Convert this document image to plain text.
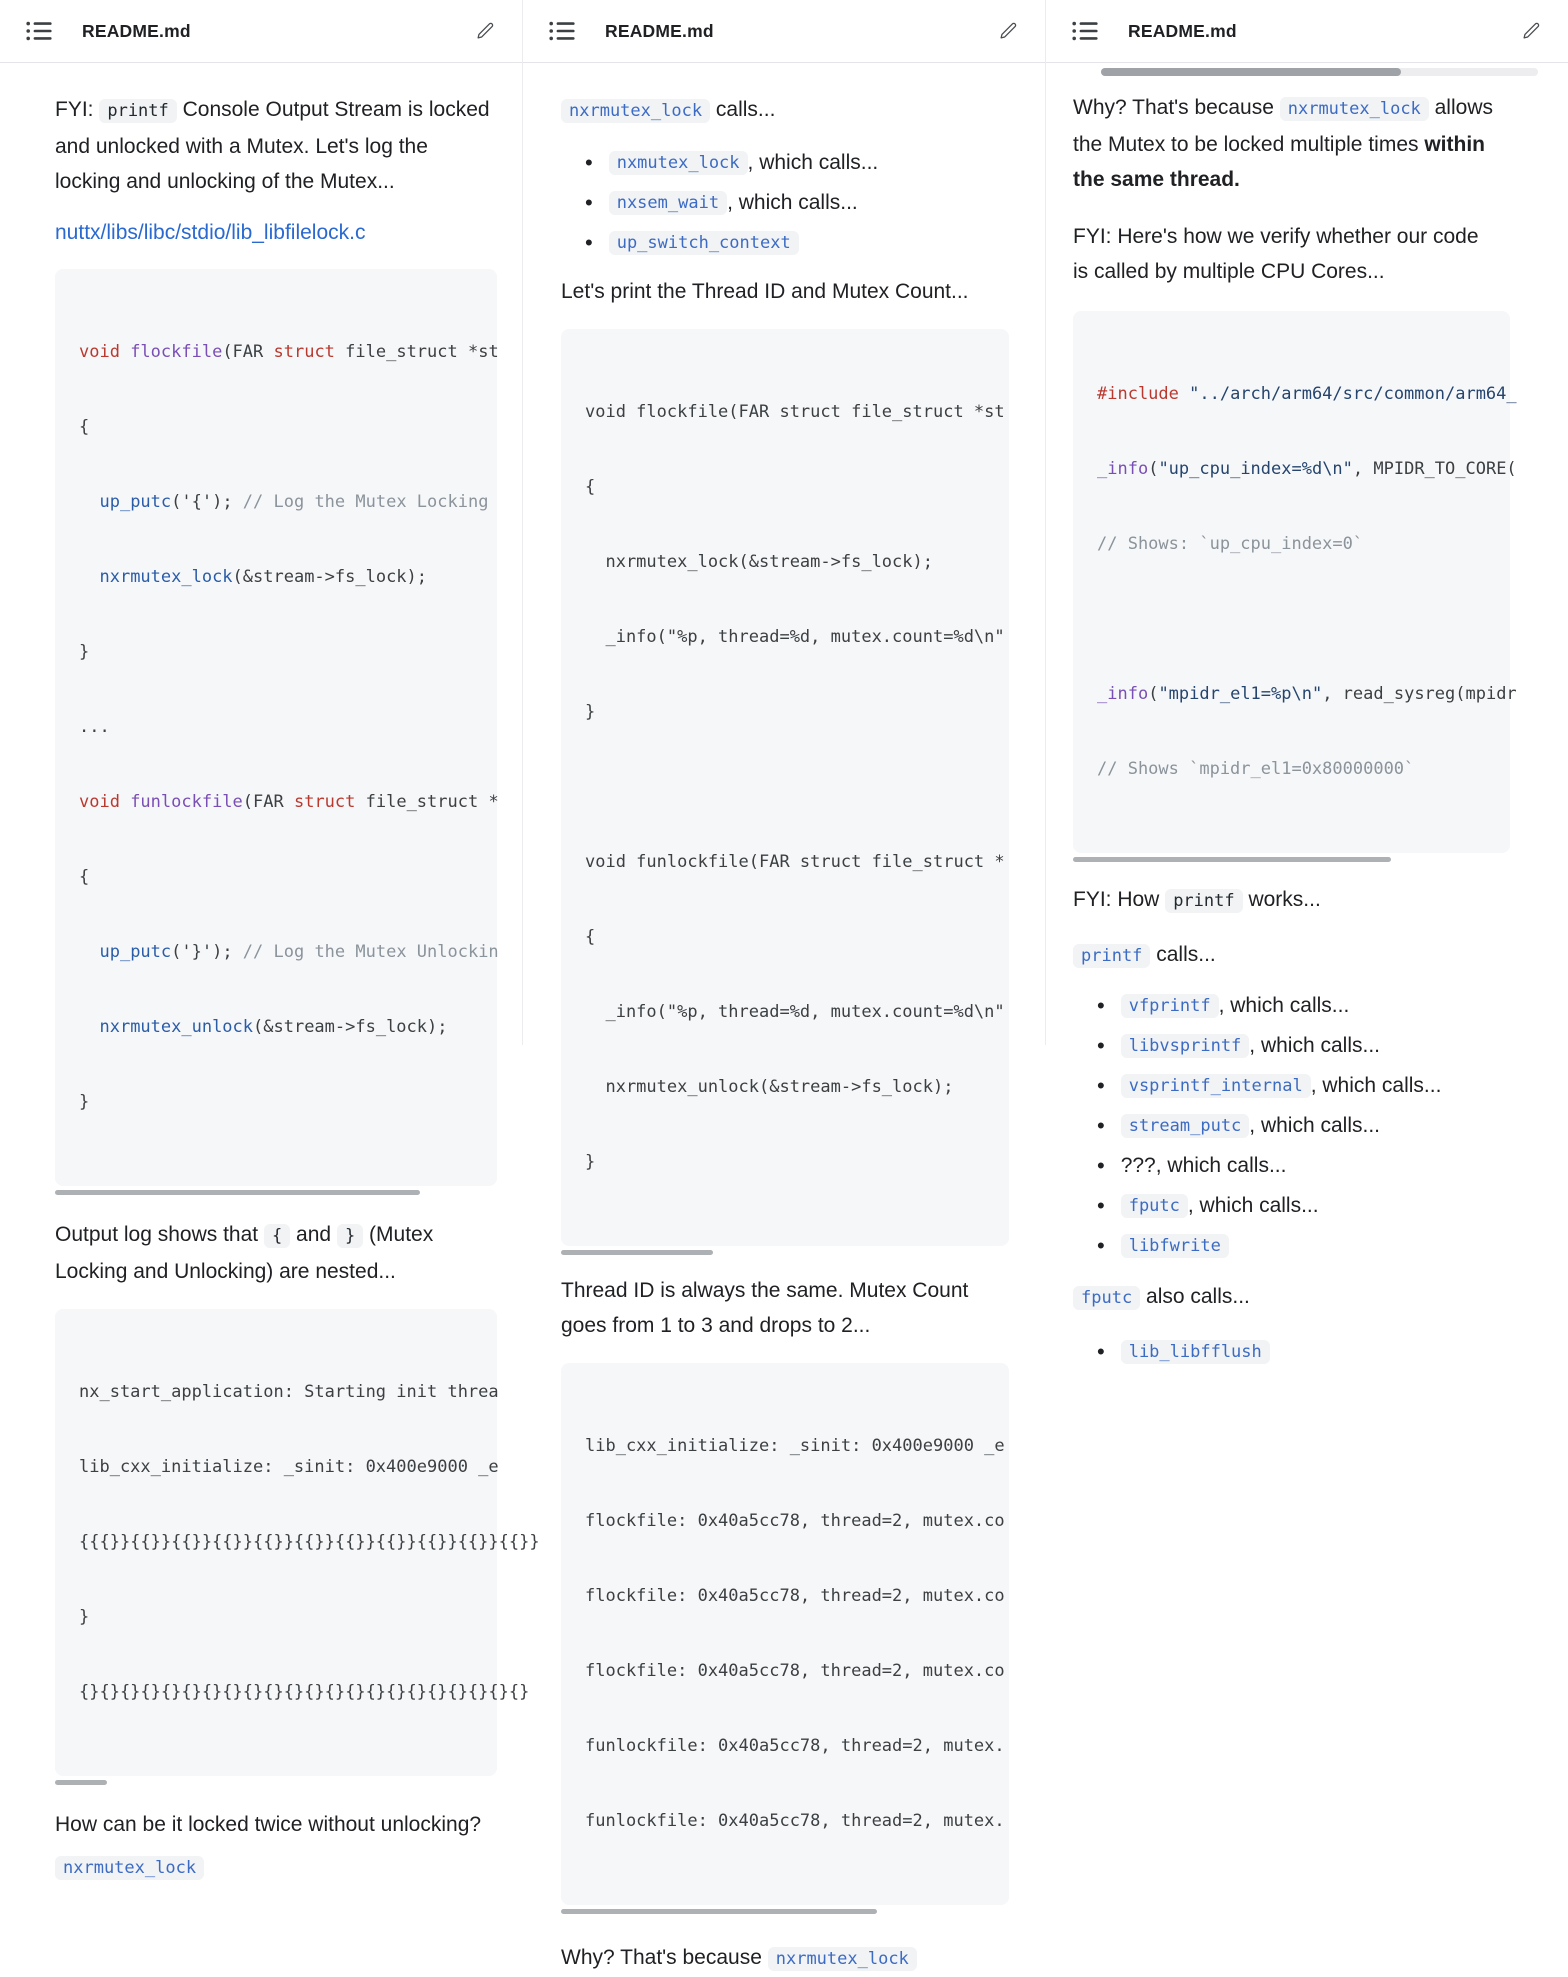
README.md

FYI: printf Console Output Stream is locked and unlocked with a Mutex. Let's log the locking and unlocking of the Mutex...

nuttx/libs/libc/stdio/lib_libfilelock.c

void flockfile(FAR struct file_struct *st

{

up_putc('{'); // Log the Mutex Locking

nxrmutex_lock(&stream->fs_lock);

}

...

void funlockfile(FAR struct file_struct *

{

up_putc('}'); // Log the Mutex Unlockin

nxrmutex_unlock(&stream->fs_lock);

}

Output log shows that { and } (Mutex Locking and Unlocking) are nested...

nx_start_application: Starting init threa

lib_cxx_initialize: _sinit: 0x400e9000 _e

{{{}}{{}}{{}}{{}}{{}}{{}}{{}}{{}}{{}}{{}}{{}}

}

{}{}{}{}{}{}{}{}{}{}{}{}{}{}{}{}{}{}{}{}{}{}

How can be it locked twice without unlocking?

nxrmutex_lock

README.md

nxrmutex_lock calls...

• nxmutex_lock , which calls...
• nxsem_wait , which calls...
• up_switch_context

Let's print the Thread ID and Mutex Count...

void flockfile(FAR struct file_struct *st

{

nxrmutex_lock(&stream->fs_lock);

_info("%p, thread=%d, mutex.count=%d\n"

}

void funlockfile(FAR struct file_struct *

{

_info("%p, thread=%d, mutex.count=%d\n"

nxrmutex_unlock(&stream->fs_lock);

}

Thread ID is always the same. Mutex Count goes from 1 to 3 and drops to 2...

lib_cxx_initialize: _sinit: 0x400e9000 _e

flockfile: 0x40a5cc78, thread=2, mutex.co

flockfile: 0x40a5cc78, thread=2, mutex.co

flockfile: 0x40a5cc78, thread=2, mutex.co

funlockfile: 0x40a5cc78, thread=2, mutex.

funlockfile: 0x40a5cc78, thread=2, mutex.

Why? That's because nxrmutex_lock

README.md

Why? That's because nxrmutex_lock allows the Mutex to be locked multiple times within the same thread.

FYI: Here's how we verify whether our code is called by multiple CPU Cores...

#include "../arch/arm64/src/common/arm64_

_info("up_cpu_index=%d\n", MPIDR_TO_CORE(

// Shows: `up_cpu_index=0`

_info("mpidr_el1=%p\n", read_sysreg(mpidr

// Shows `mpidr_el1=0x80000000`

FYI: How printf works...

printf calls...

• vfprintf , which calls...
• libvsprintf , which calls...
• vsprintf_internal , which calls...
• stream_putc , which calls...
• ???, which calls...
• fputc , which calls...
• libfwrite

fputc also calls...

• lib_libfflush
